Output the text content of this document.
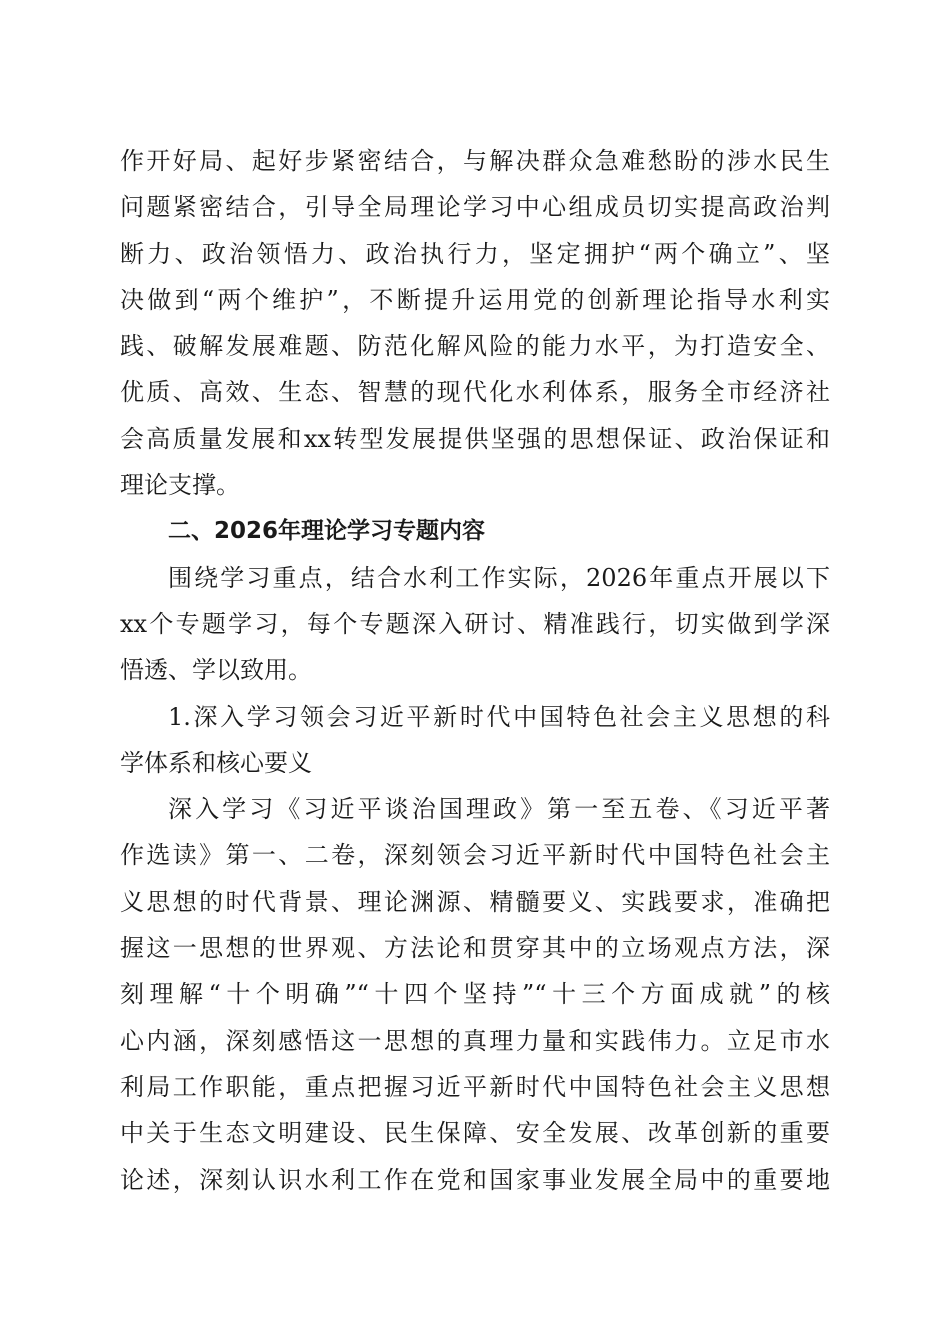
作开好局、起好步紧密结合，与解决群众急难愁盼的涉水民生
问题紧密结合，引导全局理论学习中心组成员切实提高政治判
断力、政治领悟力、政治执行力，坚定拥护“两个确立”、坚
决做到“两个维护”，不断提升运用党的创新理论指导水利实
践、破解发展难题、防范化解风险的能力水平，为打造安全、
优质、高效、生态、智慧的现代化水利体系，服务全市经济社
会高质量发展和xx转型发展提供坚强的思想保证、政治保证和
理论支撑。
二、2026年理论学习专题内容
围绕学习重点，结合水利工作实际，2026年重点开展以下
xx个专题学习，每个专题深入研讨、精准践行，切实做到学深
悟透、学以致用。
1.深入学习领会习近平新时代中国特色社会主义思想的科
学体系和核心要义
深入学习《习近平谈治国理政》第一至五卷、《习近平著
作选读》第一、二卷，深刻领会习近平新时代中国特色社会主
义思想的时代背景、理论渊源、精髓要义、实践要求，准确把
握这一思想的世界观、方法论和贯穿其中的立场观点方法，深
刻理解“十个明确”“十四个坚持”“十三个方面成就”的核
心内涵，深刻感悟这一思想的真理力量和实践伟力。立足市水
利局工作职能，重点把握习近平新时代中国特色社会主义思想
中关于生态文明建设、民生保障、安全发展、改革创新的重要
论述，深刻认识水利工作在党和国家事业发展全局中的重要地
